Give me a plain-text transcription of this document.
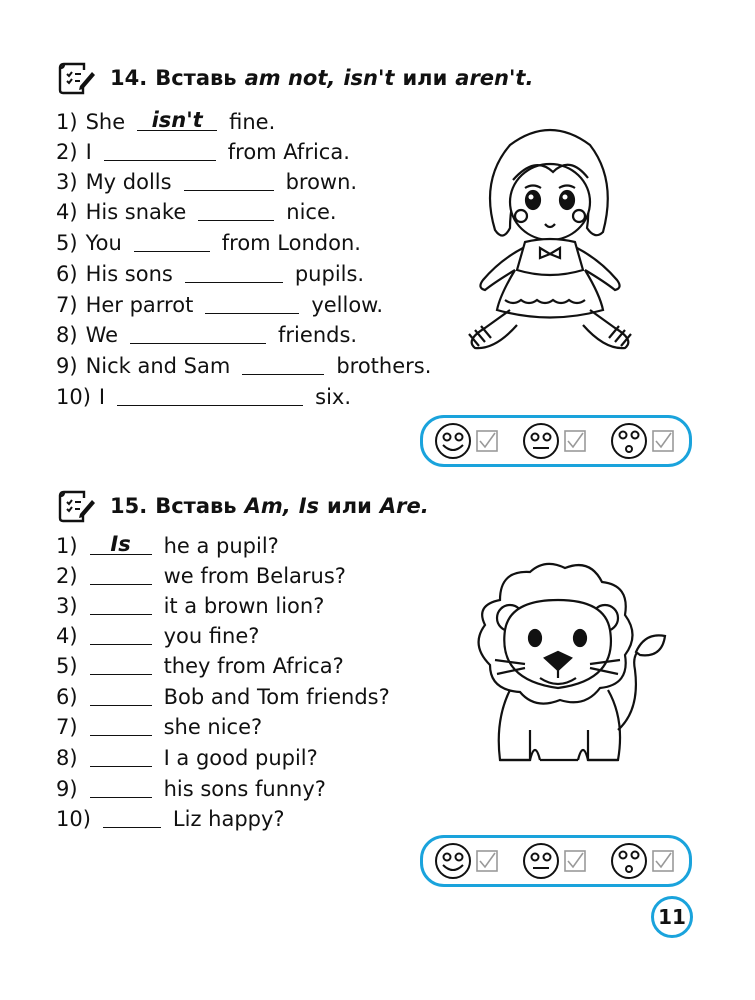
14. Вставь am not, isn't или aren't.
1) She	isn't	fine.
2) I	from Africa.
3) My dolls	brown.
4) His snake	nice.
5) You	from London.
6) His sons	pupils.
7) Her parrot	yellow.
8) We	friends.
9) Nick and Sam	brothers.
10) I	six.
15. Вставь Am, Is или Are.
1)	Is	he a pupil?
2)	we from Belarus?
3)	it a brown lion?
4)	you fine?
5)	they from Africa?
6)	Bob and Tom friends?
7)	she nice?
8)	I a good pupil?
9)	his sons funny?
10)	Liz happy?
11
